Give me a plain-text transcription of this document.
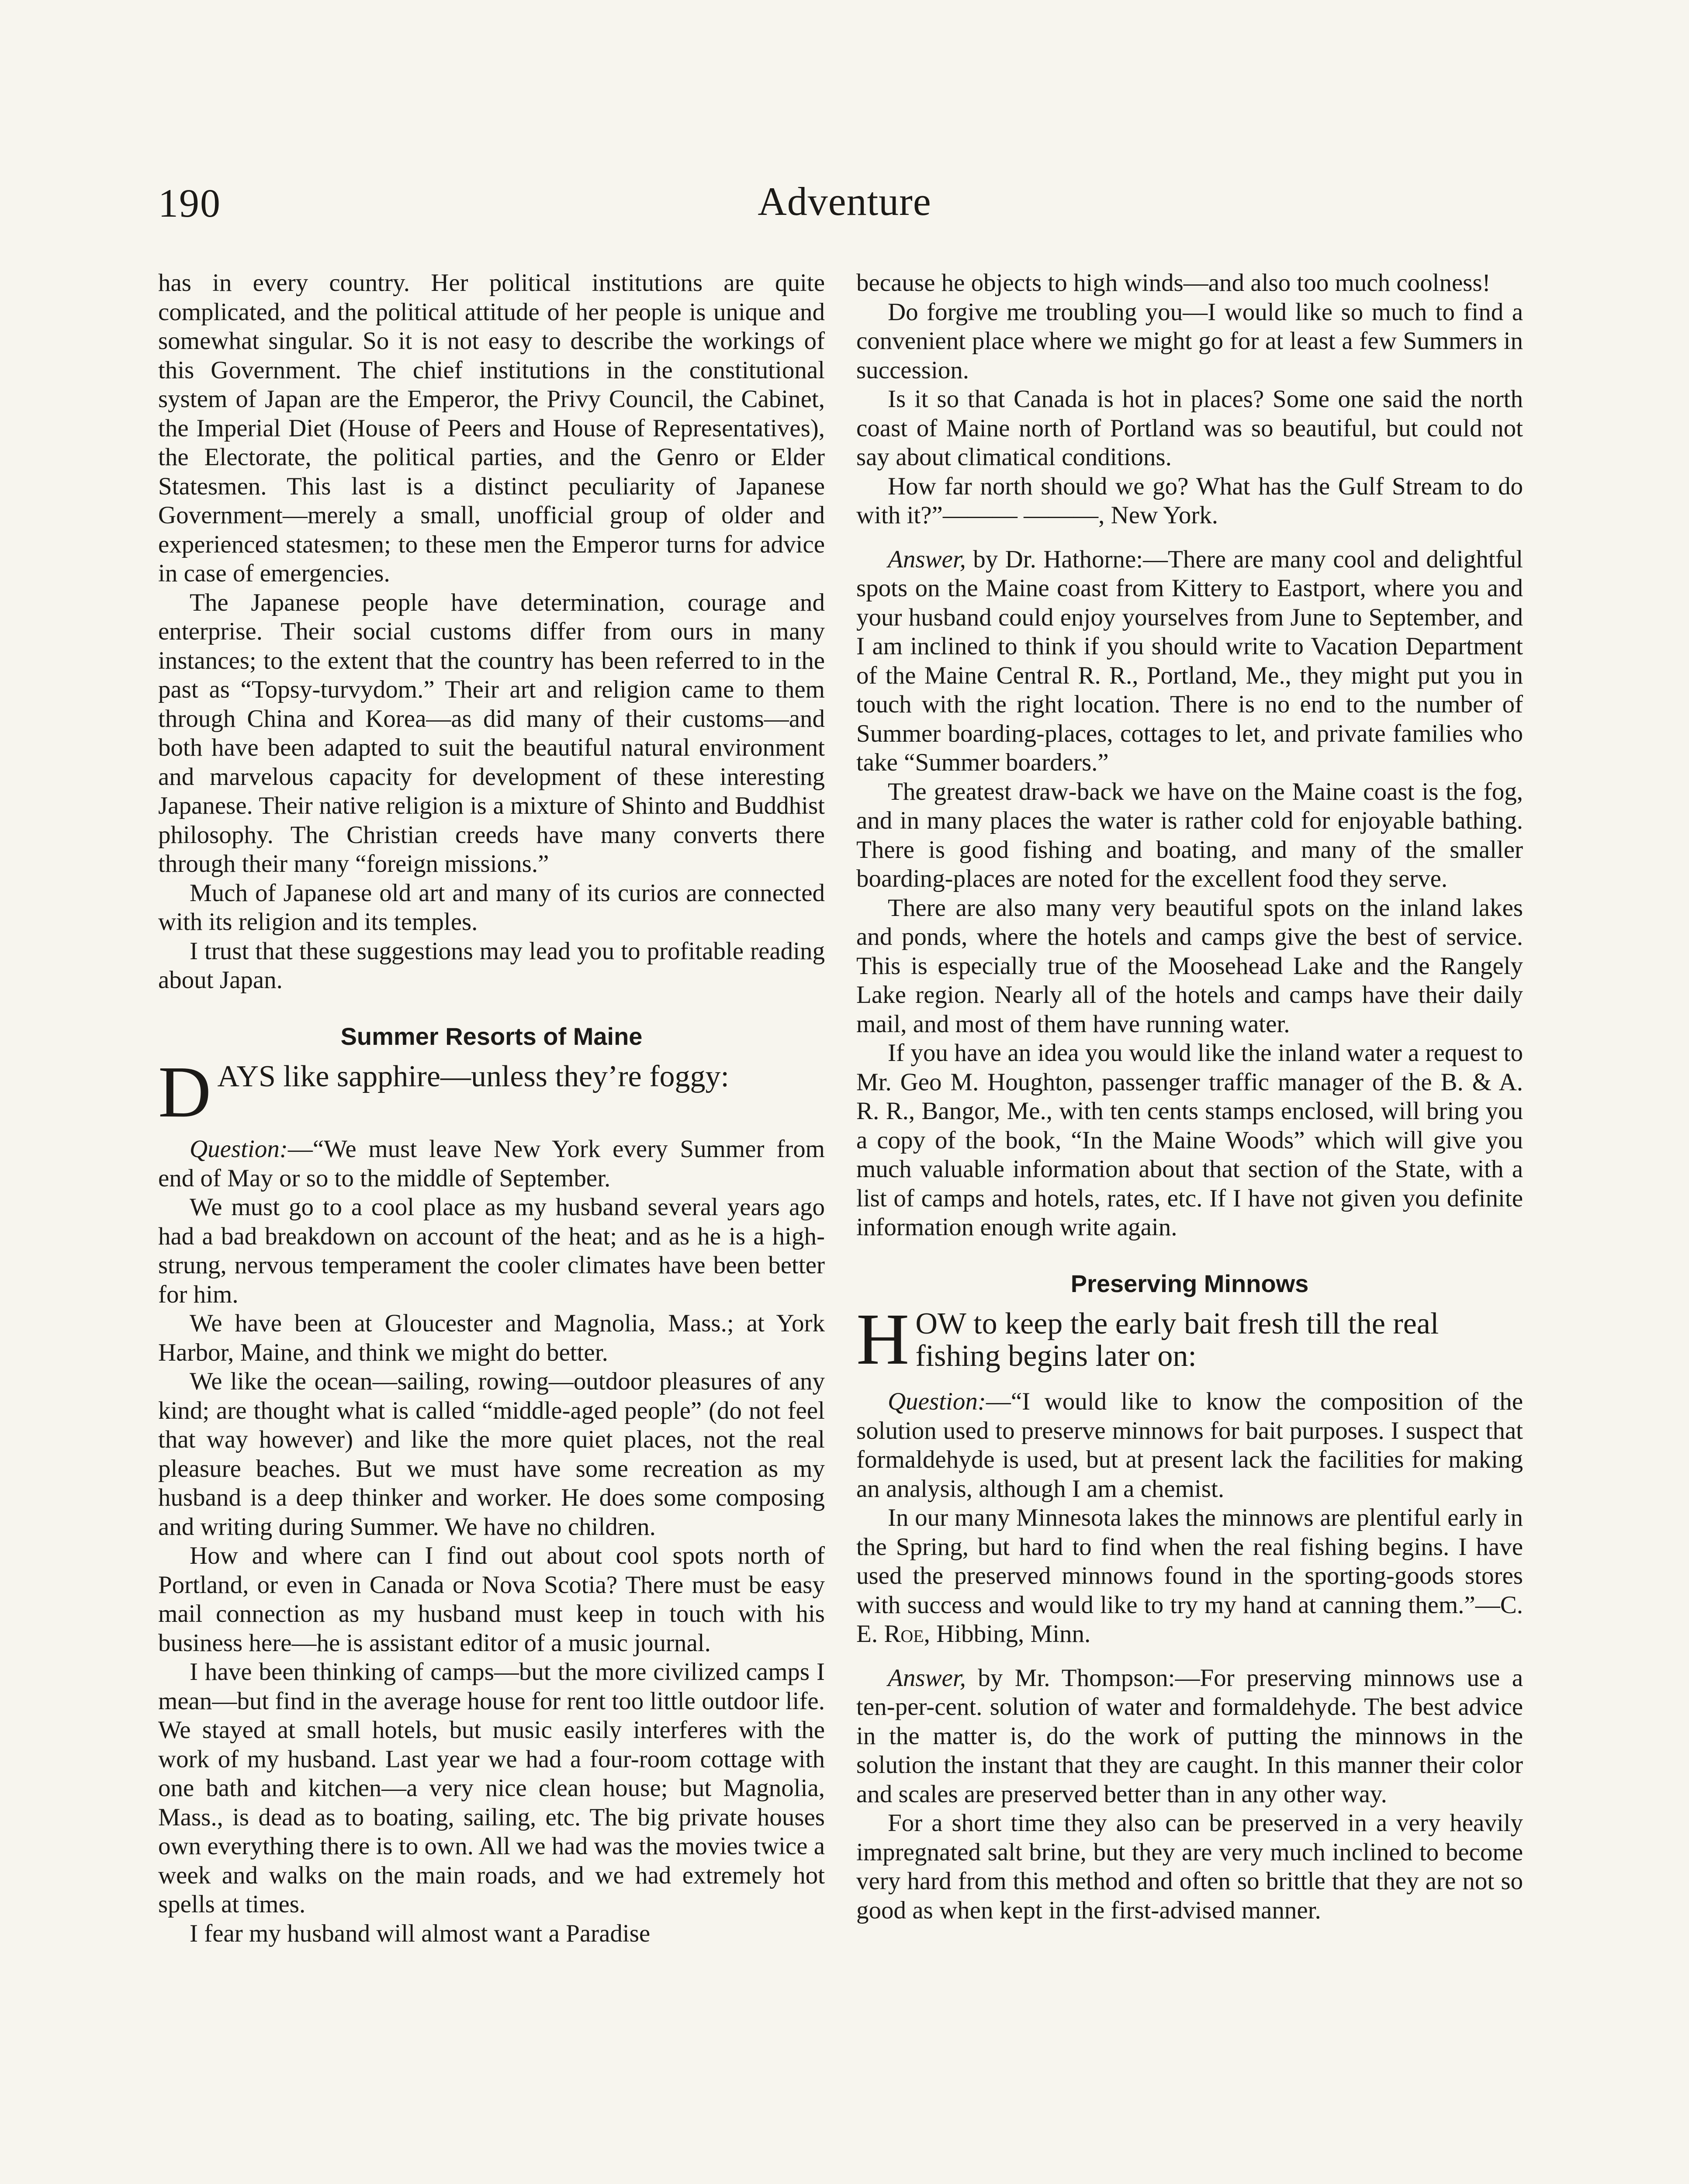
190	Adventure

has in every country. Her political institutions are quite complicated, and the political attitude of her people is unique and somewhat singular. So it is not easy to describe the workings of this Government. The chief institutions in the constitutional system of Japan are the Emperor, the Privy Council, the Cabinet, the Imperial Diet (House of Peers and House of Representatives), the Electorate, the political parties, and the Genro or Elder Statesmen. This last is a distinct peculiarity of Japanese Government—merely a small, unofficial group of older and experienced statesmen; to these men the Emperor turns for advice in case of emergencies.

The Japanese people have determination, courage and enterprise. Their social customs differ from ours in many instances; to the extent that the country has been referred to in the past as “Topsy-turvydom.” Their art and religion came to them through China and Korea—as did many of their customs—and both have been adapted to suit the beautiful natural environment and marvelous capacity for development of these interesting Japanese. Their native religion is a mixture of Shinto and Buddhist philosophy. The Christian creeds have many converts there through their many “foreign missions.”

Much of Japanese old art and many of its curios are connected with its religion and its temples.

I trust that these suggestions may lead you to profitable reading about Japan.

Summer Resorts of Maine
DAYS like sapphire—unless they’re foggy:

Question:—“We must leave New York every Summer from end of May or so to the middle of September.

We must go to a cool place as my husband several years ago had a bad breakdown on account of the heat; and as he is a high-strung, nervous temperament the cooler climates have been better for him.

We have been at Gloucester and Magnolia, Mass.; at York Harbor, Maine, and think we might do better.

We like the ocean—sailing, rowing—outdoor pleasures of any kind; are thought what is called “middle-aged people” (do not feel that way however) and like the more quiet places, not the real pleasure beaches. But we must have some recreation as my husband is a deep thinker and worker. He does some composing and writing during Summer. We have no children.

How and where can I find out about cool spots north of Portland, or even in Canada or Nova Scotia? There must be easy mail connection as my husband must keep in touch with his business here—he is assistant editor of a music journal.

I have been thinking of camps—but the more civilized camps I mean—but find in the average house for rent too little outdoor life. We stayed at small hotels, but music easily interferes with the work of my husband. Last year we had a four-room cottage with one bath and kitchen—a very nice clean house; but Magnolia, Mass., is dead as to boating, sailing, etc. The big private houses own everything there is to own. All we had was the movies twice a week and walks on the main roads, and we had extremely hot spells at times.

I fear my husband will almost want a Paradise

because he objects to high winds—and also too much coolness!

Do forgive me troubling you—I would like so much to find a convenient place where we might go for at least a few Summers in succession.

Is it so that Canada is hot in places? Some one said the north coast of Maine north of Portland was so beautiful, but could not say about climatical conditions.

How far north should we go? What has the Gulf Stream to do with it?”——— ———, New York.

Answer, by Dr. Hathorne:—There are many cool and delightful spots on the Maine coast from Kittery to Eastport, where you and your husband could enjoy yourselves from June to September, and I am inclined to think if you should write to Vacation Department of the Maine Central R. R., Portland, Me., they might put you in touch with the right location. There is no end to the number of Summer boarding-places, cottages to let, and private families who take “Summer boarders.”

The greatest draw-back we have on the Maine coast is the fog, and in many places the water is rather cold for enjoyable bathing. There is good fishing and boating, and many of the smaller boarding-places are noted for the excellent food they serve.

There are also many very beautiful spots on the inland lakes and ponds, where the hotels and camps give the best of service. This is especially true of the Moosehead Lake and the Rangely Lake region. Nearly all of the hotels and camps have their daily mail, and most of them have running water.

If you have an idea you would like the inland water a request to Mr. Geo M. Houghton, passenger traffic manager of the B. & A. R. R., Bangor, Me., with ten cents stamps enclosed, will bring you a copy of the book, “In the Maine Woods” which will give you much valuable information about that section of the State, with a list of camps and hotels, rates, etc. If I have not given you definite information enough write again.

Preserving Minnows
HOW to keep the early bait fresh till the real fishing begins later on:

Question:—“I would like to know the composition of the solution used to preserve minnows for bait purposes. I suspect that formaldehyde is used, but at present lack the facilities for making an analysis, although I am a chemist.

In our many Minnesota lakes the minnows are plentiful early in the Spring, but hard to find when the real fishing begins. I have used the preserved minnows found in the sporting-goods stores with success and would like to try my hand at canning them.”—C. E. Roe, Hibbing, Minn.

Answer, by Mr. Thompson:—For preserving minnows use a ten-per-cent. solution of water and formaldehyde. The best advice in the matter is, do the work of putting the minnows in the solution the instant that they are caught. In this manner their color and scales are preserved better than in any other way.

For a short time they also can be preserved in a very heavily impregnated salt brine, but they are very much inclined to become very hard from this method and often so brittle that they are not so good as when kept in the first-advised manner.
